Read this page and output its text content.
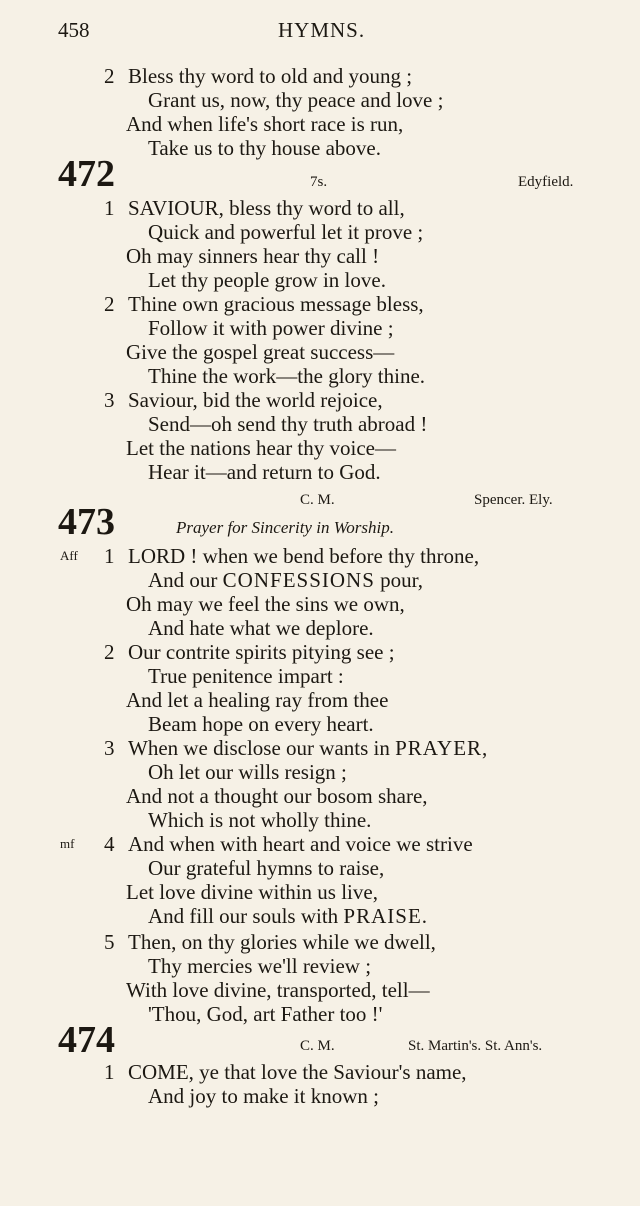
458	HYMNS.
2 Bless thy word to old and young ;
Grant us, now, thy peace and love ;
And when life's short race is run,
Take us to thy house above.
472	7s.	Edyfield.
1 SAVIOUR, bless thy word to all,
Quick and powerful let it prove ;
Oh may sinners hear thy call !
Let thy people grow in love.
2 Thine own gracious message bless,
Follow it with power divine ;
Give the gospel great success—
Thine the work—the glory thine.
3 Saviour, bid the world rejoice,
Send—oh send thy truth abroad !
Let the nations hear thy voice—
Hear it—and return to God.
C. M.	Spencer. Ely.
473	Prayer for Sincerity in Worship.
Aff 1 LORD ! when we bend before thy throne,
And our CONFESSIONS pour,
Oh may we feel the sins we own,
And hate what we deplore.
2 Our contrite spirits pitying see ;
True penitence impart :
And let a healing ray from thee
Beam hope on every heart.
3 When we disclose our wants in PRAYER,
Oh let our wills resign ;
And not a thought our bosom share,
Which is not wholly thine.
mf 4 And when with heart and voice we strive
Our grateful hymns to raise,
Let love divine within us live,
And fill our souls with PRAISE.
5 Then, on thy glories while we dwell,
Thy mercies we'll review ;
With love divine, transported, tell—
'Thou, God, art Father too !'
474	C. M.	St. Martin's. St. Ann's.
1 COME, ye that love the Saviour's name,
And joy to make it known ;
